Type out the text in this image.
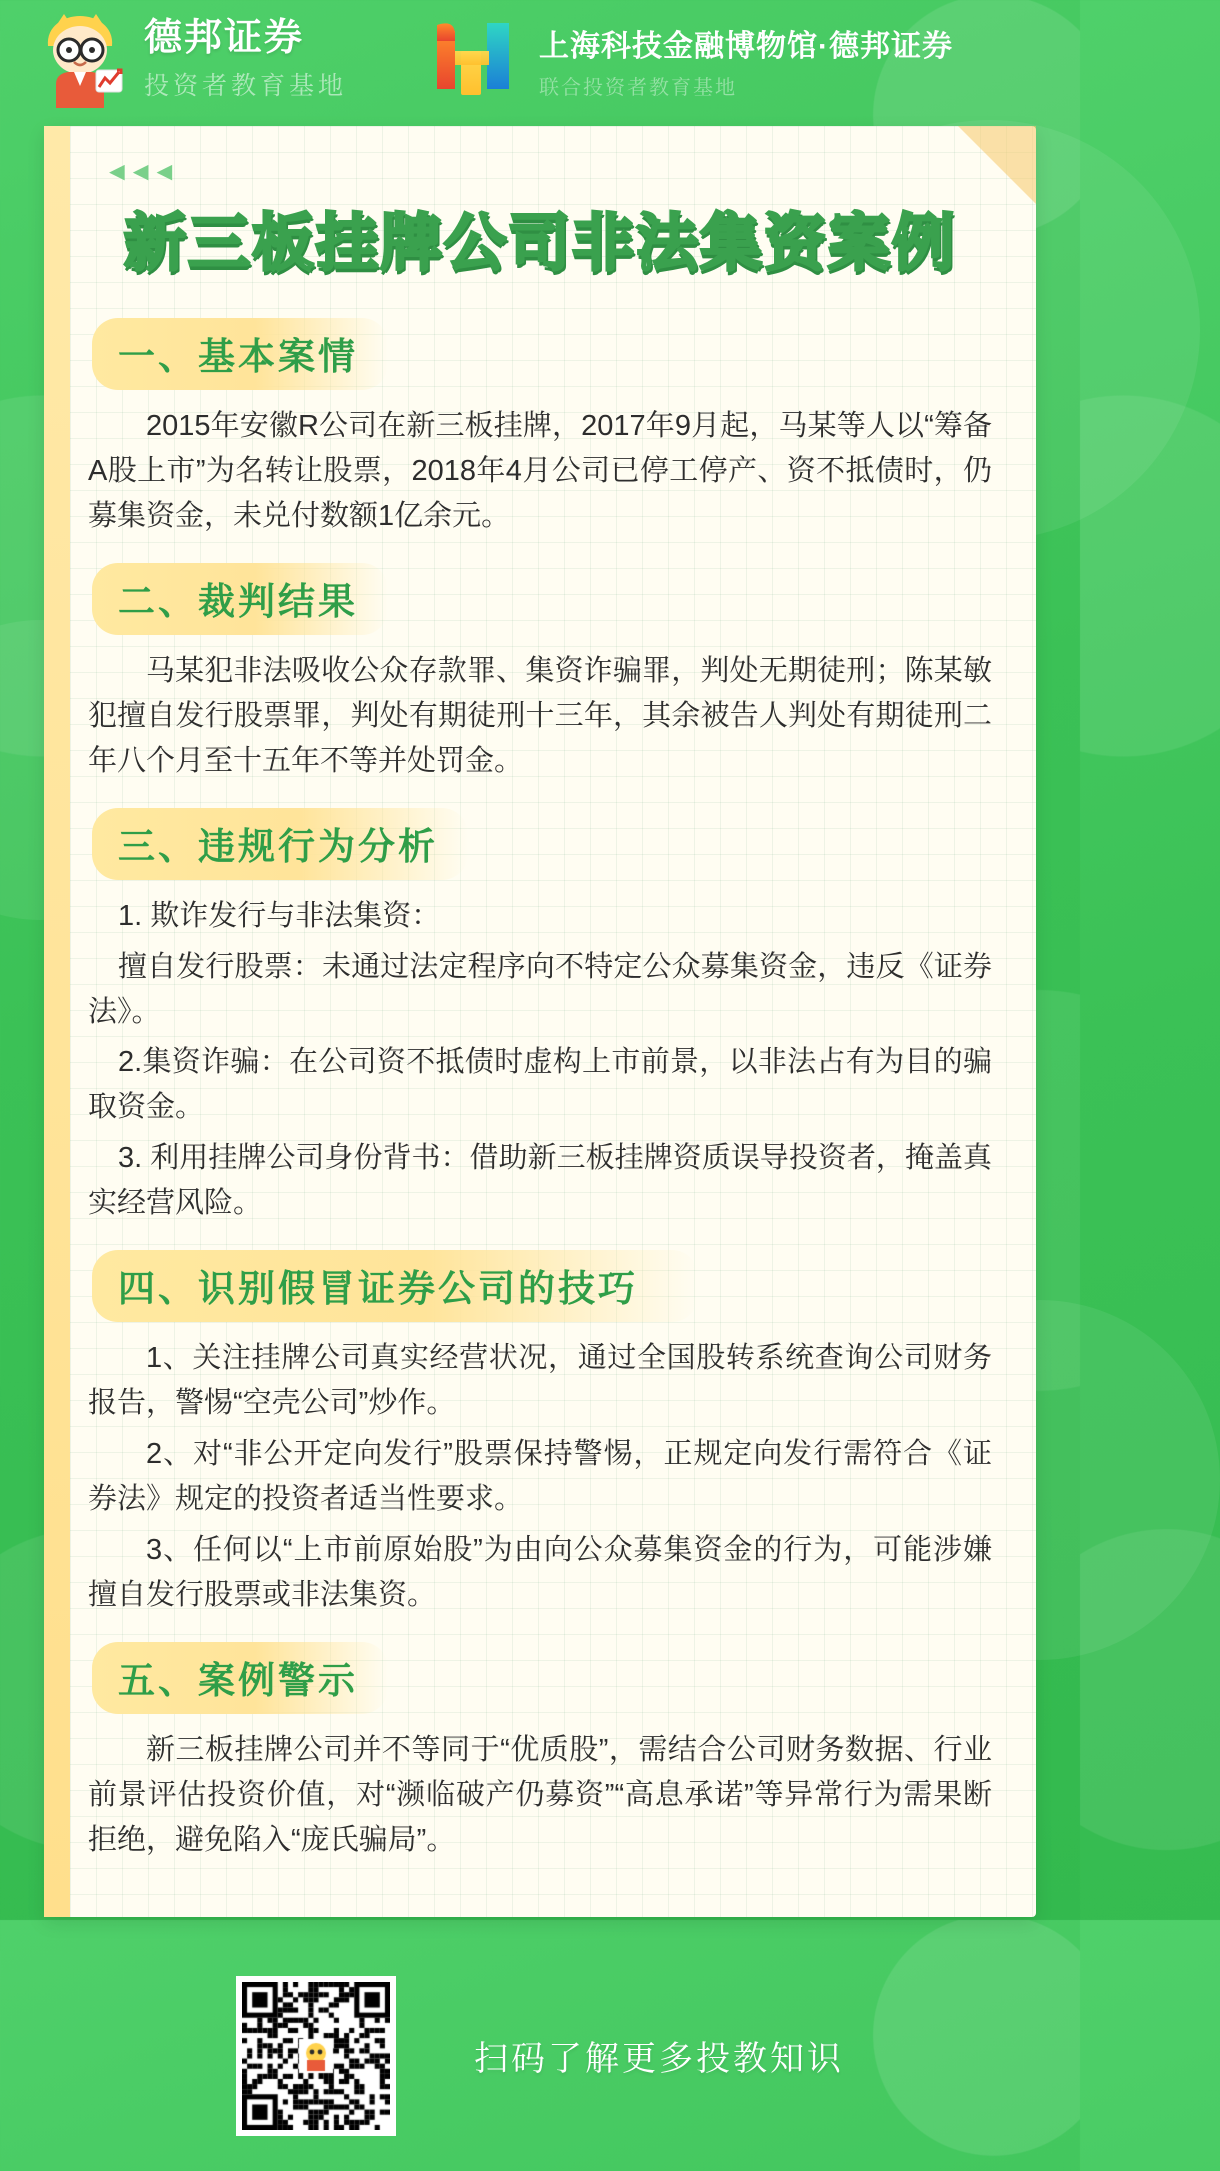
德邦证券
投资者教育基地
上海科技金融博物馆·德邦证券
联合投资者教育基地
◄◄◄
新三板挂牌公司非法集资案例
一、基本案情
2015年安徽R公司在新三板挂牌，2017年9月起，马某等人以“筹备A股上市”为名转让股票，2018年4月公司已停工停产、资不抵债时，仍募集资金，未兑付数额1亿余元。
二、裁判结果
马某犯非法吸收公众存款罪、集资诈骗罪，判处无期徒刑；陈某敏犯擅自发行股票罪，判处有期徒刑十三年，其余被告人判处有期徒刑二年八个月至十五年不等并处罚金。
三、违规行为分析
1. 欺诈发行与非法集资：
擅自发行股票：未通过法定程序向不特定公众募集资金，违反《证券法》。
2.集资诈骗：在公司资不抵债时虚构上市前景，以非法占有为目的骗取资金。
3. 利用挂牌公司身份背书：借助新三板挂牌资质误导投资者，掩盖真实经营风险。
四、识别假冒证券公司的技巧
1、关注挂牌公司真实经营状况，通过全国股转系统查询公司财务报告，警惕“空壳公司”炒作。
2、对“非公开定向发行”股票保持警惕，正规定向发行需符合《证券法》规定的投资者适当性要求。
3、任何以“上市前原始股”为由向公众募集资金的行为，可能涉嫌擅自发行股票或非法集资。
五、案例警示
新三板挂牌公司并不等同于“优质股”，需结合公司财务数据、行业前景评估投资价值，对“濒临破产仍募资”“高息承诺”等异常行为需果断拒绝，避免陷入“庞氏骗局”。
扫码了解更多投教知识
